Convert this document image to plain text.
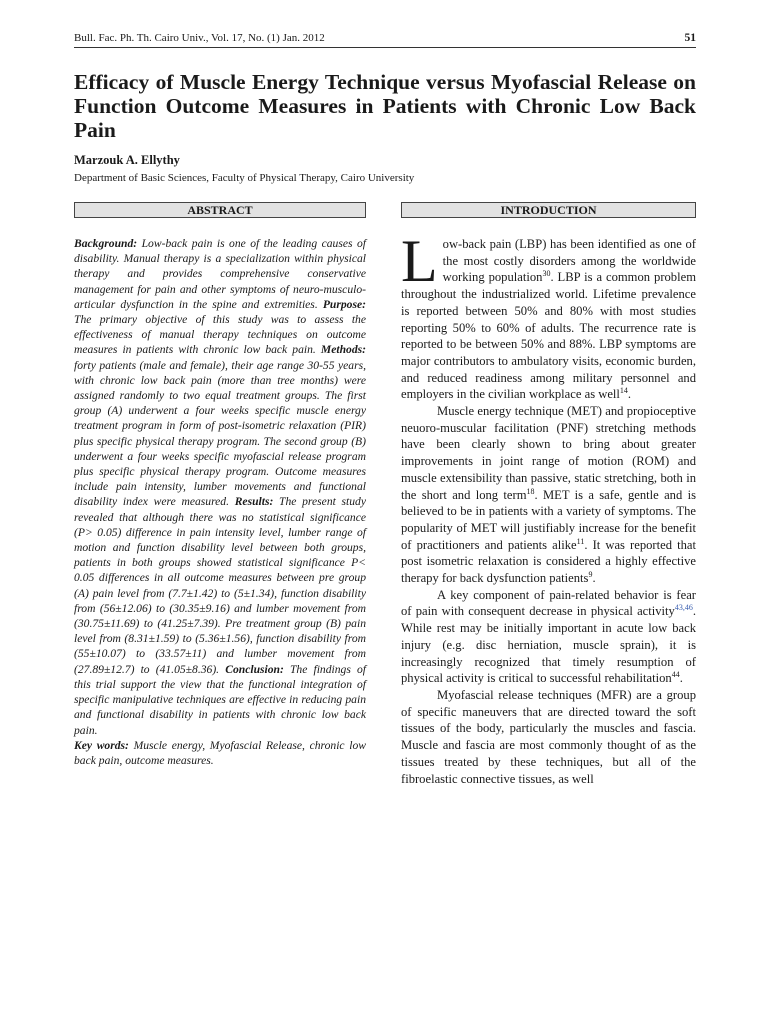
Bull. Fac. Ph. Th. Cairo Univ., Vol. 17, No. (1) Jan. 2012	51
Efficacy of Muscle Energy Technique versus Myofascial Release on Function Outcome Measures in Patients with Chronic Low Back Pain
Marzouk A. Ellythy
Department of Basic Sciences, Faculty of Physical Therapy, Cairo University
ABSTRACT	INTRODUCTION

Background: Low-back pain is one of the leading causes of disability. Manual therapy is a specialization within physical therapy and provides comprehensive conservative management for pain and other symptoms of neuro-musculo-articular dysfunction in the spine and extremities. Purpose: The primary objective of this study was to assess the effectiveness of manual therapy techniques on outcome measures in patients with chronic low back pain. Methods: forty patients (male and female), their age range 30-55 years, with chronic low back pain (more than tree months) were assigned randomly to two equal treatment groups. The first group (A) underwent a four weeks specific muscle energy treatment program in form of post-isometric relaxation (PIR) plus specific physical therapy program. The second group (B) underwent a four weeks specific myofascial release program plus specific physical therapy program. Outcome measures include pain intensity, lumber movements and functional disability index were measured. Results: The present study revealed that although there was no statistical significance (P> 0.05) difference in pain intensity level, lumber range of motion and function disability level between both groups, patients in both groups showed statistical significance P< 0.05 differences in all outcome measures between pre group (A) pain level from (7.7±1.42) to (5±1.34), function disability from (56±12.06) to (30.35±9.16) and lumber movement from (30.75±11.69) to (41.25±7.39). Pre treatment group (B) pain level from (8.31±1.59) to (5.36±1.56), function disability from (55±10.07) to (33.57±11) and lumber movement from (27.89±12.7) to (41.05±8.36). Conclusion: The findings of this trial support the view that the functional integration of specific manipulative techniques are effective in reducing pain and functional disability in patients with chronic low back pain.

Key words: Muscle energy, Myofascial Release, chronic low back pain, outcome measures.

Low-back pain (LBP) has been identified as one of the most costly disorders among the worldwide working population$^{30}$. LBP is a common problem throughout the industrialized world. Lifetime prevalence is reported between 50% and 80% with most studies reporting 50% to 60% of adults. The recurrence rate is reported to be between 50% and 88%. LBP symptoms are major contributors to ambulatory visits, economic burden, and reduced readiness among military personnel and employers in the civilian workplace as well$^{14}$.

Muscle energy technique (MET) and propioceptive neuoro-muscular facilitation (PNF) stretching methods have been clearly shown to bring about greater improvements in joint range of motion (ROM) and muscle extensibility than passive, static stretching, both in the short and long term$^{18}$. MET is a safe, gentle and is believed to be in patients with a variety of symptoms. The popularity of MET will justifiably increase for the benefit of practitioners and patients alike$^{11}$. It was reported that post isometric relaxation is considered a highly effective therapy for back dysfunction patients$^9$.

A key component of pain-related behavior is fear of pain with consequent decrease in physical activity$^{43,46}$. While rest may be initially important in acute low back injury (e.g. disc herniation, muscle sprain), it is increasingly recognized that timely resumption of physical activity is critical to successful rehabilitation$^{44}$.

Myofascial release techniques (MFR) are a group of specific maneuvers that are directed toward the soft tissues of the body, particularly the muscles and fascia. Muscle and fascia are most commonly thought of as the tissues treated by these techniques, but all of the fibroelastic connective tissues, as well
